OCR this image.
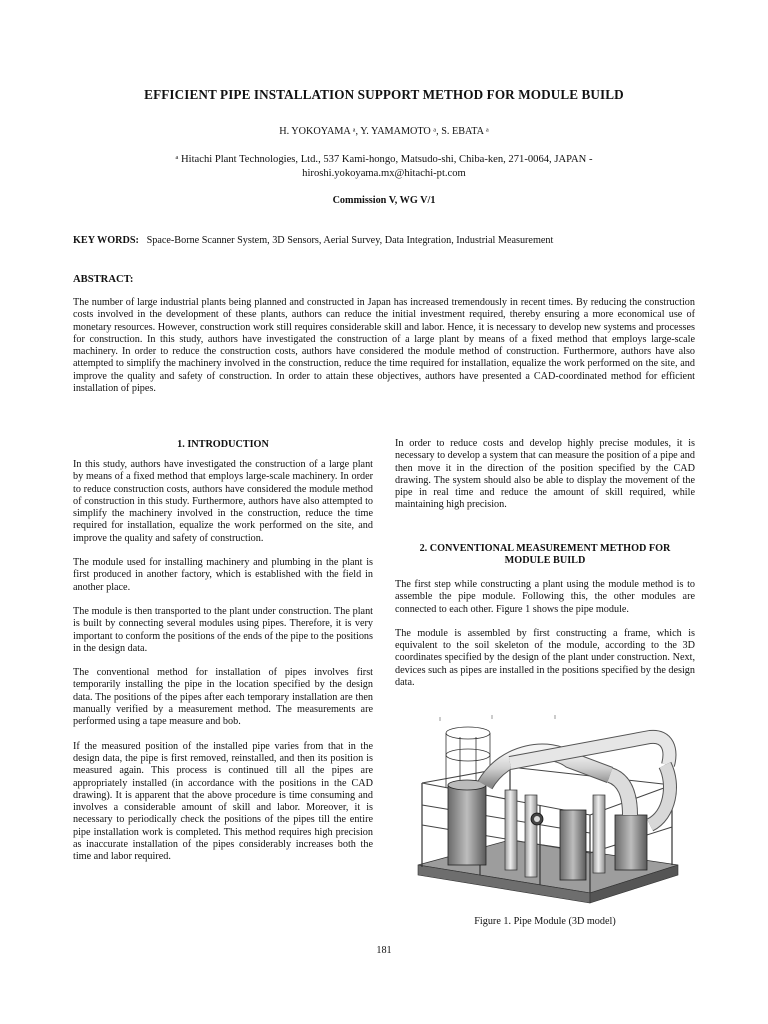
EFFICIENT PIPE INSTALLATION SUPPORT METHOD FOR MODULE BUILD
H. YOKOYAMA ᵃ, Y. YAMAMOTO ᵃ, S. EBATA ᵃ
ᵃ Hitachi Plant Technologies, Ltd., 537 Kami-hongo, Matsudo-shi, Chiba-ken, 271-0064, JAPAN -
hiroshi.yokoyama.mx@hitachi-pt.com
Commission V, WG V/1
KEY WORDS: Space-Borne Scanner System, 3D Sensors, Aerial Survey, Data Integration, Industrial Measurement
ABSTRACT:
The number of large industrial plants being planned and constructed in Japan has increased tremendously in recent times. By reducing the construction costs involved in the development of these plants, authors can reduce the initial investment required, thereby ensuring a more economical use of monetary resources. However, construction work still requires considerable skill and labor. Hence, it is necessary to develop new systems and processes for construction. In this study, authors have investigated the construction of a large plant by means of a fixed method that employs large-scale machinery. In order to reduce the construction costs, authors have considered the module method of construction. Furthermore, authors have also attempted to simplify the machinery involved in the construction, reduce the time required for installation, equalize the work performed on the site, and improve the quality and safety of construction. In order to attain these objectives, authors have presented a CAD-coordinated method for efficient installation of pipes.
1. INTRODUCTION

In this study, authors have investigated the construction of a large plant by means of a fixed method that employs large-scale machinery. In order to reduce construction costs, authors have considered the module method of construction in this study. Furthermore, authors have also attempted to simplify the machinery involved in the construction, reduce the time required for installation, equalize the work performed on the site, and improve the quality and safety of construction.

The module used for installing machinery and plumbing in the plant is first produced in another factory, which is established with the field in another place.

The module is then transported to the plant under construction. The plant is built by connecting several modules using pipes. Therefore, it is very important to conform the positions of the ends of the pipe to the positions in the design data.

The conventional method for installation of pipes involves first temporarily installing the pipe in the location specified by the design data. The positions of the pipes after each temporary installation are then manually verified by a measurement method. The measurements are performed using a tape measure and bob.

If the measured position of the installed pipe varies from that in the design data, the pipe is first removed, reinstalled, and then its position is measured again. This process is continued till all the pipes are appropriately installed (in accordance with the positions in the CAD drawing). It is apparent that the above procedure is time consuming and involves a considerable amount of skill and labor. Moreover, it is necessary to periodically check the positions of the pipes till the entire pipe installation work is completed. This method requires high precision as inaccurate installation of the pipes considerably increases both the time and labor required.

In order to reduce costs and develop highly precise modules, it is necessary to develop a system that can measure the position of a pipe and then move it in the direction of the position specified by the CAD drawing. The system should also be able to display the movement of the pipe in real time and reduce the amount of skill required, while maintaining high precision.

2. CONVENTIONAL MEASUREMENT METHOD FOR
MODULE BUILD

The first step while constructing a plant using the module method is to assemble the pipe module. Following this, the other modules are connected to each other. Figure 1 shows the pipe module.

The module is assembled by first constructing a frame, which is equivalent to the soil skeleton of the module, according to the 3D coordinates specified by the design of the plant under construction. Next, devices such as pipes are installed in the positions specified by the design data.

Figure 1. Pipe Module (3D model)
181
